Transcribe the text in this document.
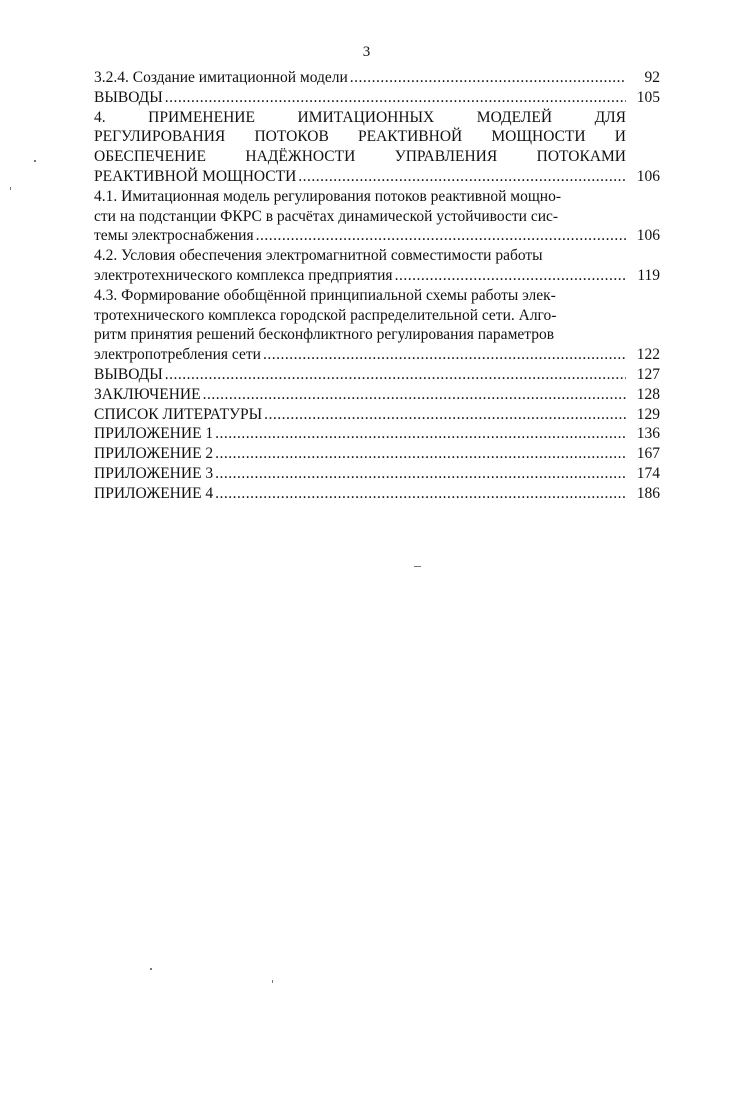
3
3.2.4. Создание имитационной модели .....	92
ВЫВОДЫ .....	105
4. ПРИМЕНЕНИЕ ИМИТАЦИОННЫХ МОДЕЛЕЙ ДЛЯ
РЕГУЛИРОВАНИЯ ПОТОКОВ РЕАКТИВНОЙ МОЩНОСТИ И
ОБЕСПЕЧЕНИЕ НАДЁЖНОСТИ УПРАВЛЕНИЯ ПОТОКАМИ
РЕАКТИВНОЙ МОЩНОСТИ .....	106
4.1. Имитационная модель регулирования потоков реактивной мощно-
сти на подстанции ФКРС в расчётах динамической устойчивости сис-
темы электроснабжения .....	106
4.2. Условия обеспечения электромагнитной совместимости работы
электротехнического комплекса предприятия .....	119
4.3. Формирование обобщённой принципиальной схемы работы элек-
тротехнического комплекса городской распределительной сети. Алго-
ритм принятия решений бесконфликтного регулирования параметров
электропотребления сети .....	122
ВЫВОДЫ .....	127
ЗАКЛЮЧЕНИЕ .....	128
СПИСОК ЛИТЕРАТУРЫ .....	129
ПРИЛОЖЕНИЕ 1 .....	136
ПРИЛОЖЕНИЕ 2 .....	167
ПРИЛОЖЕНИЕ 3 .....	174
ПРИЛОЖЕНИЕ 4 .....	186
